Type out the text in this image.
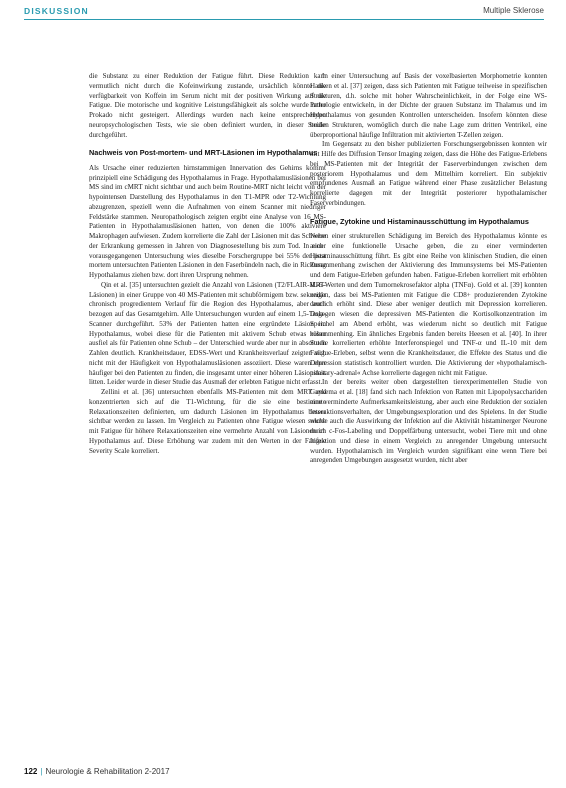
DISKUSSION	Multiple Sklerose

die Substanz zu einer Reduktion der Fatigue führt. Diese Reduktion kam vermutlich nicht durch die Kofeinwirkung zustande, ursächlich könnte die verfügbarkeit von Koffein im Serum nicht mit der positiven Wirkung auf die Fatigue. Die motorische und kognitive Leistungsfähigkeit als solche wurde unter Prokado nicht gesteigert. Allerdings wurden nach keine entsprechenden neuropsychologischen Tests, wie sie oben definiert wurden, in dieser Studie durchgeführt.

Nachweis von Post-mortem- und MRT-Läsionen im Hypothalamus

Als Ursache einer reduzierten hirnstammigen Innervation des Gehirns kommt prinzipiell eine Schädigung des Hypothalamus in Frage. Hypothalamusläsionen bei MS sind im cMRT nicht sichtbar und auch beim Routine-MRT nicht leicht von der hypointensen Darstellung des Hypothalamus in den T1-MPR oder T2-Wichtung abzugrenzen, speziell wenn die Aufnahmen von einem Scanner mit niedriger Feldstärke stammen. Neuropathologisch zeigten ergibt eine Analyse von 16 MS-Patienten in Hypothalamusläsionen hatten, von denen die 100% aktiviere Makrophagen aufwiesen. Zudem korrelierte die Zahl der Läsionen mit das Schwere der Erkrankung gemessen in Jahren von Diagnosestellung bis zum Tod. In einer vorausgegangenen Untersuchung wies dieselbe Forschergruppe bei 55% der post mortem untersuchten Patienten Läsionen in den Faserbündeln nach, die in Richtung Hypothalamus ziehen bzw. dort ihren Ursprung nehmen.

Qin et al. [35] untersuchten gezielt die Anzahl von Läsionen (T2/FLAIR-MRT-Läsionen) in einer Gruppe von 40 MS-Patienten mit schubförmigem bzw. sekundär chronisch progredientem Verlauf für die Region des Hypothalamus, aber auch bezogen auf das Gesamtgehirn. Alle Untersuchungen wurden auf einem 1,5-Tesla-Scanner durchgeführt. 53% der Patienten hatten eine ergründete Läsion im Hypothalamus, wobei diese für die Patienten mit aktivem Schub etwas höher ausfiel als für Patienten ohne Schub – der Unterschied wurde aber nur in absoluten Zahlen deutlich. Krankheitsdauer, EDSS-Wert und Krankheitsverlauf zeigten sich nicht mit der Häufigkeit von Hypothalamusläsionen assoziiert. Diese waren eher häufiger bei den Patienten zu finden, die insgesamt unter einer höheren Läsionslast litten. Leider wurde in dieser Studie das Ausmaß der erlebten Fatigue nicht erfasst.

Zellini et al. [36] untersuchten ebenfalls MS-Patienten mit dem MRT und konzentrierten sich auf die T1-Wichtung, für die sie eine bestimmte Relaxationszeiten definierten, um dadurch Läsionen im Hypothalamus besser sichtbar werden zu lassen. Im Vergleich zu Patienten ohne Fatigue wiesen solche mit Fatigue für höhere Relaxationszeiten eine vermehrte Anzahl von Läsionen im Hypothalamus auf. Diese Erhöhung war zudem mit den Werten in der Fatigue Severity Scale korreliert.

In einer Untersuchung auf Basis der voxelbasierten Morphometrie konnten Hanken et al. [37] zeigen, dass sich Patienten mit Fatigue teilweise in spezifischen Strukturen, d.h. solche mit hoher Wahrscheinlichkeit, in der Folge eine WS-Pathologie entwickeln, in der Dichte der grauen Substanz im Thalamus und im Hypothalamus von gesunden Kontrollen unterscheiden. Insofern könnten diese beiden Strukturen, womöglich durch die nahe Lage zum dritten Ventrikel, eine überproportional häufige Infiltration mit aktivierten T-Zellen zeigen.

Im Gegensatz zu den bisher publizierten Forschungsergebnissen konnten wir mit Hilfe des Diffusion Tensor Imaging zeigen, dass die Höhe des Fatigue-Erlebens bei MS-Patienten mit der Integrität der Faserverbindungen zwischen dem posteriorem Hypothalamus und dem Mittelhirn korreliert. Ein subjektiv empfundenes Ausmaß an Fatigue während einer Phase zusätzlicher Belastung korrelierte dagegen mit der Integrität posteriorer hypothalamischer Faserverbindungen.

Fatigue, Zytokine und Histaminausschüttung im Hypothalamus

Neben einer strukturellen Schädigung im Bereich des Hypothalamus könnte es auch eine funktionelle Ursache geben, die zu einer verminderten Histaminausschüttung führt. Es gibt eine Reihe von klinischen Studien, die einen Zusammenhang zwischen der Aktivierung des Immunsystems bei MS-Patienten und dem Fatigue-Erleben gefunden haben. Fatigue-Erleben korreliert mit erhöhten IL-6-Werten und dem Tumornekrosefaktor alpha (TNFα). Gold et al. [39] konnten zeigen, dass bei MS-Patienten mit Fatigue die CD8+ produzierenden Zytokine deutlich erhöht sind. Diese aber weniger deutlich mit Depression korrelieren. Dagegen wiesen die depressiven MS-Patienten die Kortisolkonzentration im Speichel am Abend erhöht, was wiederum nicht so deutlich mit Fatigue zusammenhing. Ein ähnliches Ergebnis fanden bereits Heesen et al. [40]. In ihrer Studie korrelierten erhöhte Interferonspiegel und TNF-α und IL-10 mit dem Fatigue-Erleben, selbst wenn die Krankheitsdauer, die Effekte des Status und die Depression statistisch kontrolliert wurden. Die Aktivierung der »hypothalamisch-pituitary-adrenal« Achse korrelierte dagegen nicht mit Fatigue.

In der bereits weiter oben dargestellten tierexperimentellen Studie von Gaykema et al. [18] fand sich nach Infektion von Ratten mit Lipopolysacchariden eine verminderte Aufmerksamkeitsleistung, aber auch eine Reduktion der sozialen Interaktionsverhalten, der Umgebungsexploration und des Spielens. In der Studie wurde auch die Auswirkung der Infektion auf die Aktivität histaminerger Neurone durch c-Fos-Labeling und Doppelfärbung untersucht, wobei Tiere mit und ohne Infektion und diese in einem Vergleich zu anregender Umgebung untersucht wurden. Hypothalamisch im Vergleich wurden signifikant eine wenn Tiere bei anregenden Umgebungen ausgesetzt wurden, nicht aber

122 | Neurologie & Rehabilitation 2-2017
